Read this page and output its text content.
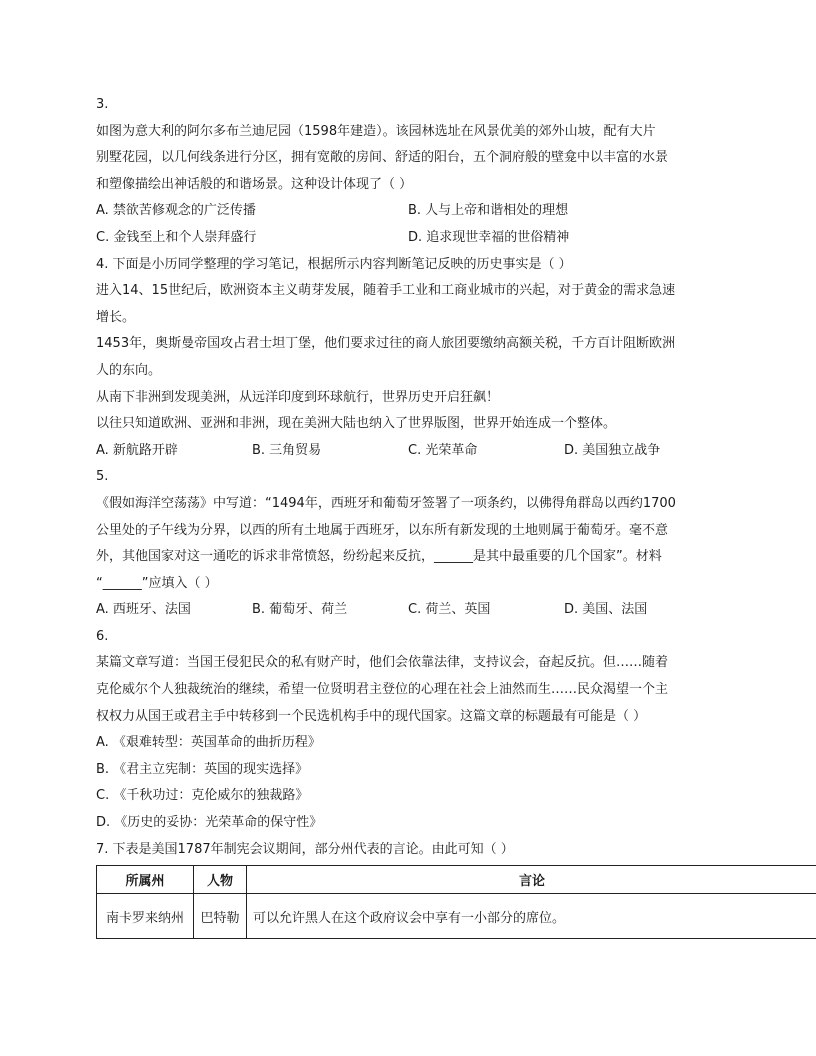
3.
如图为意大利的阿尔多布兰迪尼园（1598年建造）。该园林选址在风景优美的郊外山坡，配有大片
别墅花园，以几何线条进行分区，拥有宽敞的房间、舒适的阳台，五个洞府般的壁龛中以丰富的水景
和塑像描绘出神话般的和谐场景。这种设计体现了（ ）
A. 禁欲苦修观念的广泛传播	B. 人与上帝和谐相处的理想
C. 金钱至上和个人崇拜盛行	D. 追求现世幸福的世俗精神
4. 下面是小历同学整理的学习笔记，根据所示内容判断笔记反映的历史事实是（ ）
进入14、15世纪后，欧洲资本主义萌芽发展，随着手工业和工商业城市的兴起，对于黄金的需求急速
增长。
1453年，奥斯曼帝国攻占君士坦丁堡，他们要求过往的商人旅团要缴纳高额关税，千方百计阻断欧洲
人的东向。
从南下非洲到发现美洲，从远洋印度到环球航行，世界历史开启狂飙！
以往只知道欧洲、亚洲和非洲，现在美洲大陆也纳入了世界版图，世界开始连成一个整体。
A. 新航路开辟	B. 三角贸易	C. 光荣革命	D. 美国独立战争
5.
《假如海洋空荡荡》中写道：“1494年，西班牙和葡萄牙签署了一项条约，以佛得角群岛以西约1700
公里处的子午线为分界，以西的所有土地属于西班牙，以东所有新发现的土地则属于葡萄牙。毫不意
外，其他国家对这一通吃的诉求非常愤怒，纷纷起来反抗，______是其中最重要的几个国家”。材料
“______”应填入（ ）
A. 西班牙、法国	B. 葡萄牙、荷兰	C. 荷兰、英国	D. 美国、法国
6.
某篇文章写道：当国王侵犯民众的私有财产时，他们会依靠法律，支持议会，奋起反抗。但……随着
克伦威尔个人独裁统治的继续，希望一位贤明君主登位的心理在社会上油然而生……民众渴望一个主
权权力从国王或君主手中转移到一个民选机构手中的现代国家。这篇文章的标题最有可能是（ ）
A. 《艰难转型：英国革命的曲折历程》
B. 《君主立宪制：英国的现实选择》
C. 《千秋功过：克伦威尔的独裁路》
D. 《历史的妥协：光荣革命的保守性》
7. 下表是美国1787年制宪会议期间，部分州代表的言论。由此可知（ ）
所属州	人物	言论
南卡罗来纳州	巴特勒	可以允许黑人在这个政府议会中享有一小部分的席位。
